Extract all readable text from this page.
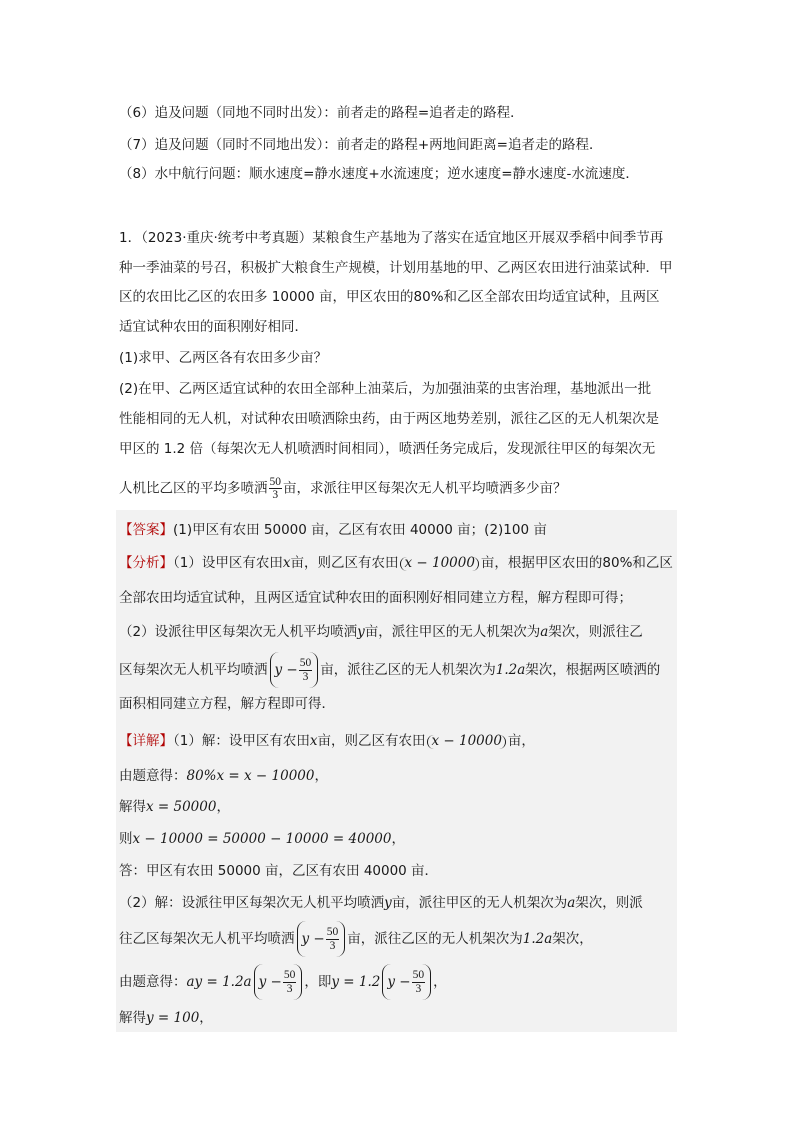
（6）追及问题（同地不同时出发）：前者走的路程=追者走的路程．
（7）追及问题（同时不同地出发）：前者走的路程+两地间距离=追者走的路程．
（8）水中航行问题：顺水速度=静水速度+水流速度；逆水速度=静水速度-水流速度．
1．（2023·重庆·统考中考真题）某粮食生产基地为了落实在适宜地区开展双季稻中间季节再
种一季油菜的号召，积极扩大粮食生产规模，计划用基地的甲、乙两区农田进行油菜试种．甲
区的农田比乙区的农田多 10000 亩，甲区农田的80%和乙区全部农田均适宜试种，且两区
适宜试种农田的面积刚好相同．
(1)求甲、乙两区各有农田多少亩？
(2)在甲、乙两区适宜试种的农田全部种上油菜后，为加强油菜的虫害治理，基地派出一批
性能相同的无人机，对试种农田喷洒除虫药，由于两区地势差别，派往乙区的无人机架次是
甲区的 1.2 倍（每架次无人机喷洒时间相同），喷洒任务完成后，发现派往甲区的每架次无
人机比乙区的平均多喷洒 $\frac{50}{3}$ 亩，求派往甲区每架次无人机平均喷洒多少亩？
【答案】(1)甲区有农田 50000 亩，乙区有农田 40000 亩；(2)100 亩
【分析】（1）设甲区有农田x亩，则乙区有农田 x − 10000 亩，根据甲区农田的80%和乙区
全部农田均适宜试种，且两区适宜试种农田的面积刚好相同建立方程，解方程即可得；
（2）设派往甲区每架次无人机平均喷洒y亩，派往甲区的无人机架次为a架次，则派往乙
区每架次无人机平均喷洒 $y - \frac{50}{3}$ 亩，派往乙区的无人机架次为1.2a架次，根据两区喷洒的
面积相同建立方程，解方程即可得．
【详解】（1）解：设甲区有农田x亩，则乙区有农田 x − 10000 亩，
由题意得：80%x = x − 10000，
解得x = 50000，
则x − 10000 = 50000 − 10000 = 40000，
答：甲区有农田 50000 亩，乙区有农田 40000 亩．
（2）解：设派往甲区每架次无人机平均喷洒y亩，派往甲区的无人机架次为a架次，则派
往乙区每架次无人机平均喷洒 $y - \frac{50}{3}$ 亩，派往乙区的无人机架次为1.2a架次，
由题意得：ay = 1.2a $y - \frac{50}{3}$ ，即y = 1.2 $y - \frac{50}{3}$ ，
解得y = 100，
